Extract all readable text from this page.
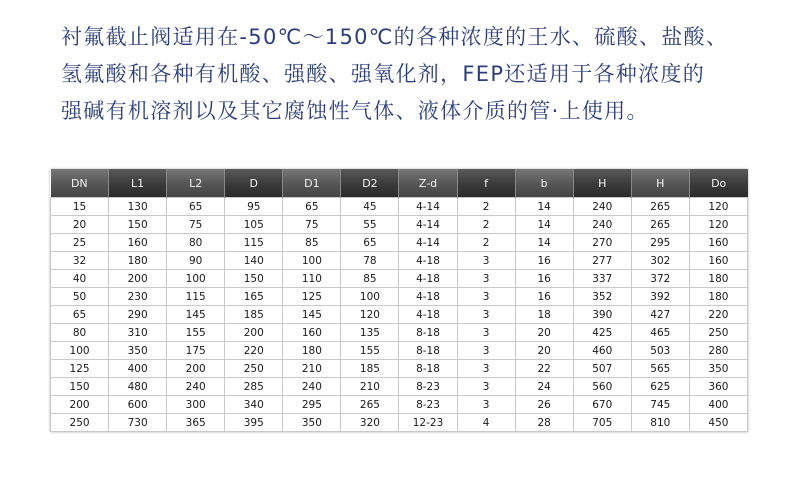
衬氟截止阀适用在-50℃～150℃的各种浓度的王水、硫酸、盐酸、
氢氟酸和各种有机酸、强酸、强氧化剂，FEP还适用于各种浓度的
强碱有机溶剂以及其它腐蚀性气体、液体介质的管·上使用。
DN	L1	L2	D	D1	D2	Z-d	f	b	H	H	Do
15	130	65	95	65	45	4-14	2	14	240	265	120
20	150	75	105	75	55	4-14	2	14	240	265	120
25	160	80	115	85	65	4-14	2	14	270	295	160
32	180	90	140	100	78	4-18	3	16	277	302	160
40	200	100	150	110	85	4-18	3	16	337	372	180
50	230	115	165	125	100	4-18	3	16	352	392	180
65	290	145	185	145	120	4-18	3	18	390	427	220
80	310	155	200	160	135	8-18	3	20	425	465	250
100	350	175	220	180	155	8-18	3	20	460	503	280
125	400	200	250	210	185	8-18	3	22	507	565	350
150	480	240	285	240	210	8-23	3	24	560	625	360
200	600	300	340	295	265	8-23	3	26	670	745	400
250	730	365	395	350	320	12-23	4	28	705	810	450
